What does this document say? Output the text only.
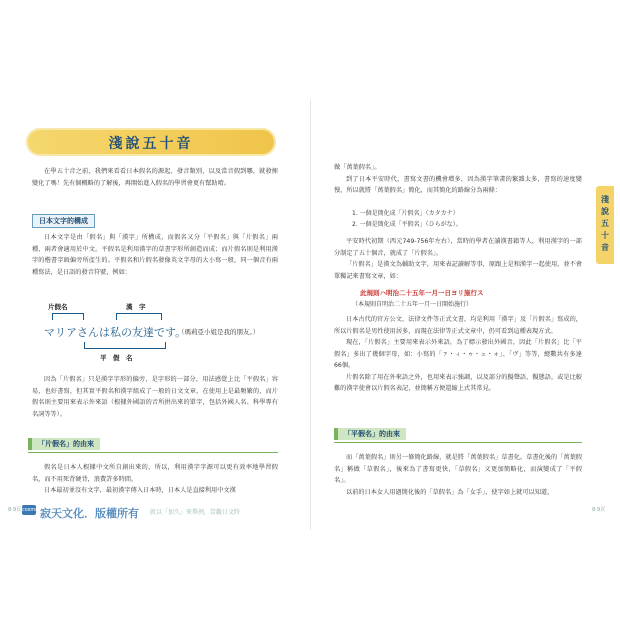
淺說五十音

在學五十音之前，我們來看看日本假名的源起、發音類別，以及當音假到哪，就發揮變化了嗎！先有個概略的了解後，再開始進入假名的學習會更有幫助唷。

日本文字的構成

日本文字是由「假名」與「漢字」所構成，而假名又分「平假名」與「片假名」兩種，兩者會適用於中文。平假名是利用漢字的草書字形所創造而成；而片假名則是利用漢字的楷書字頭偏旁所產生的。平假名和片假名發像英文字母的大小寫一般，同一個音有兩種寫法，是日語的發音符號，例如：

片假名	漢　字
マリアさんは私の友達です。
（瑪莉亞小姐是我的朋友。）
平　假　名

因為「片假名」只是漢字字形的偏旁，是字形的一部分，用法感覺上比「平假名」容易，也好書寫，但其實平假名和漢字組成了一般的日文文章，在使用上是最頻繁的，而片假名則主要用來表示外來語（根據外國語的音所拼出來的單字，包括外國人名、科學專有名詞等等）。

「片假名」的由來

假名是日本人根據中文所自創出來的，所以，利用漢字字源可以更有效率地學習假名，而不用死背硬背，浪費許多時間。

日本最初並沒有文字，最初漢字傳入日本時，日本人是直接利用中文漢

8-9頁 cosmos 寂天文化．版權所有 就以「加久」來舉例，當觀日文時

做「萬葉假名」。

到了日本平安時代，書寫文書的機會增多，因為漢字筆畫的繁雜太多，書寫的速度變慢，所以就將「萬葉假名」簡化，而其簡化的路線分為兩條：

1. 一個是簡化成「片假名」（カタカナ）
2. 一個是簡化成「平假名」（ひらがな）。

平安時代初期（西元749-756年左右），當時的學者在讀漢書籍等人，利用漢字的一部分制定了五十個音，就成了「片假名」。

「片假名」是漢文為輔助文字，用來表記讀解等事，原跟上是和漢字一起使用，並不會單獨記來書寫文章，如：

此規則ハ明治二十五年一月一日ヨリ施行ス
（本規則自明治二十五年一月一日開始施行）

日本古代的官方公文、法律文件等正式文書，均是利用「漢字」及「片假名」寫成的，所以片假名是男性使用居多，而現在法律等正式文章中，仍可看到這種表現方式。

現在，「片假名」主要用來表示外來語，為了標示發出外國音，因此「片假名」比「平假名」多出了幾個字母，如：小寫的「ァ・ィ・ゥ・ェ・ォ」、「ヴ」等等，總數共有多達66個。

片假名除了用在外來語之外，也用來表示強調，以及部分的擬聲語、擬態語，或是比較難的漢字使會以片假名表記，並簡稱方便還縮上式其常見。

「平假名」的由來

而「萬葉假名」則另一條簡化路線，就是將「萬葉假名」草書化。草書化後的「萬葉假名」稱做「草假名」，後來為了書寫更快，「草假名」又更加簡略化，而演變成了「平假名」。

以前的日本女人用過簡化後的「草假名」為「女手」，使字如上就可以知道，

8-9頁
淺說五十音
